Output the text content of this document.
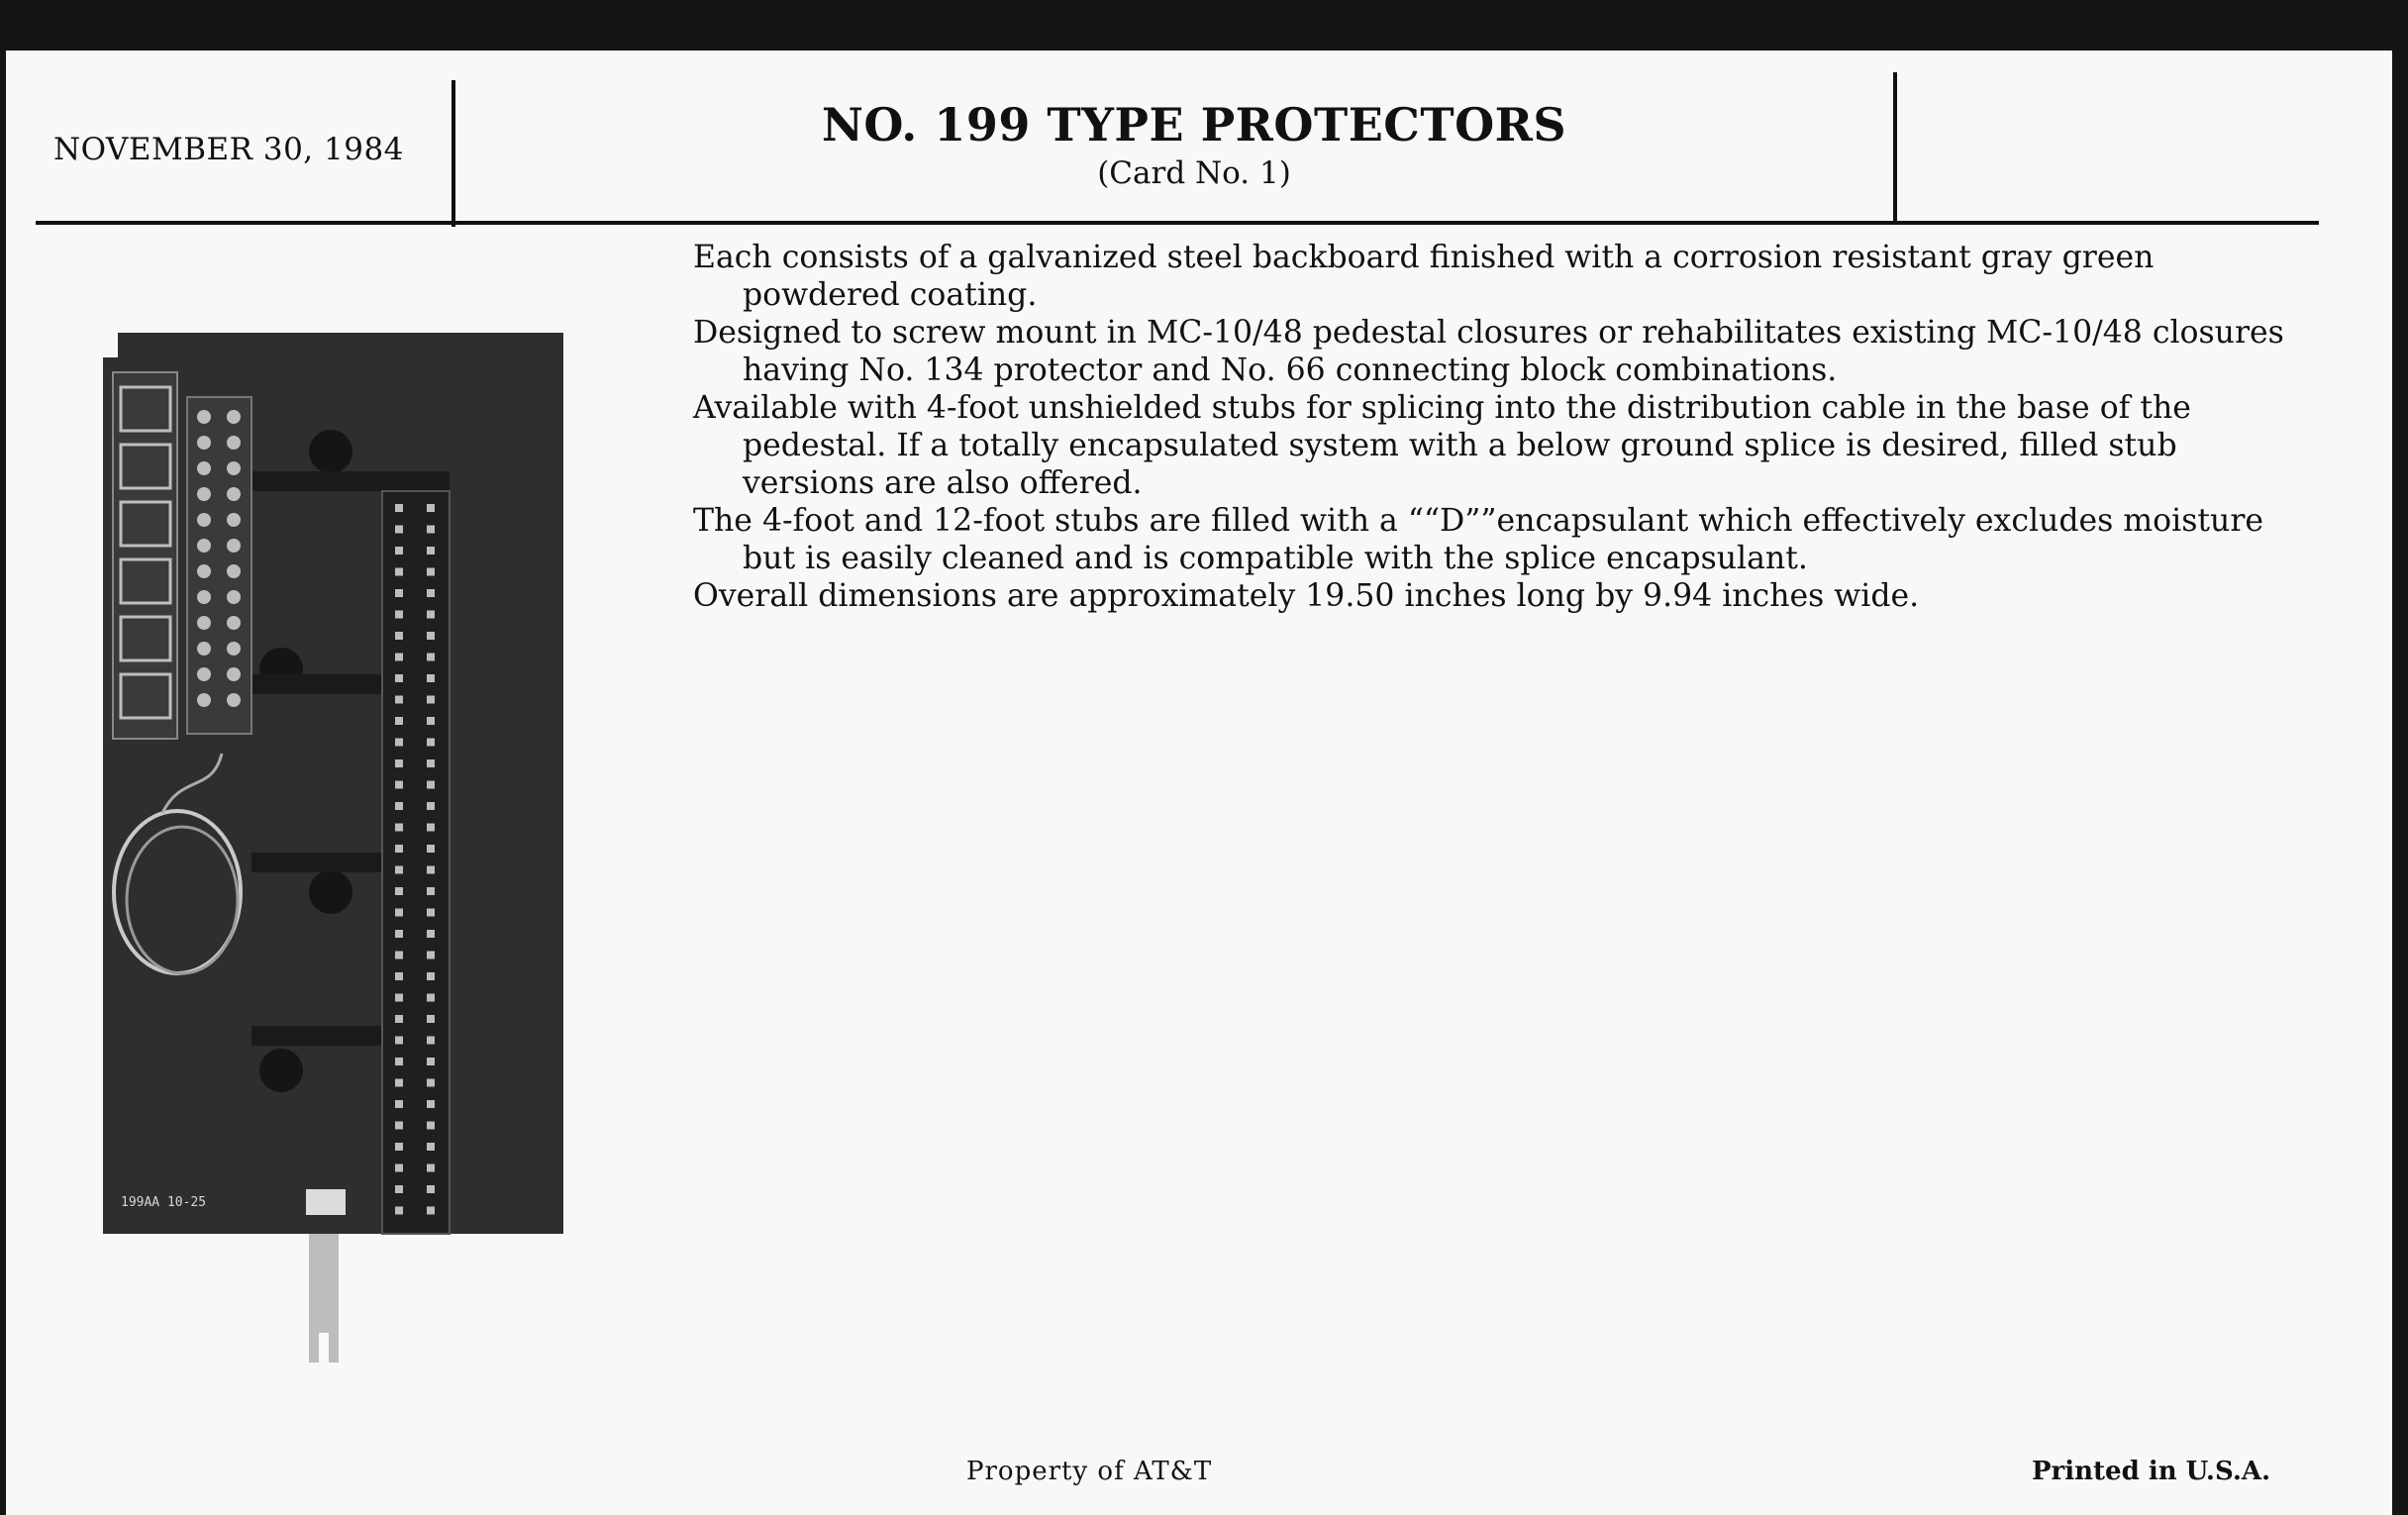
NOVEMBER 30, 1984	NO. 199 TYPE PROTECTORS
(Card No. 1)
199AA 10-25

Each consists of a galvanized steel backboard finished with a corrosion resistant gray green powdered coating.

Designed to screw mount in MC-10/48 pedestal closures or rehabilitates existing MC-10/48 closures having No. 134 protector and No. 66 connecting block combinations.

Available with 4-foot unshielded stubs for splicing into the distribution cable in the base of the pedestal. If a totally encapsulated system with a below ground splice is desired, filled stub versions are also offered.

The 4-foot and 12-foot stubs are filled with a ““D””encapsulant which effectively excludes moisture but is easily cleaned and is compatible with the splice encapsulant.

Overall dimensions are approximately 19.50 inches long by 9.94 inches wide.

Property of AT&T	Printed in U.S.A.
